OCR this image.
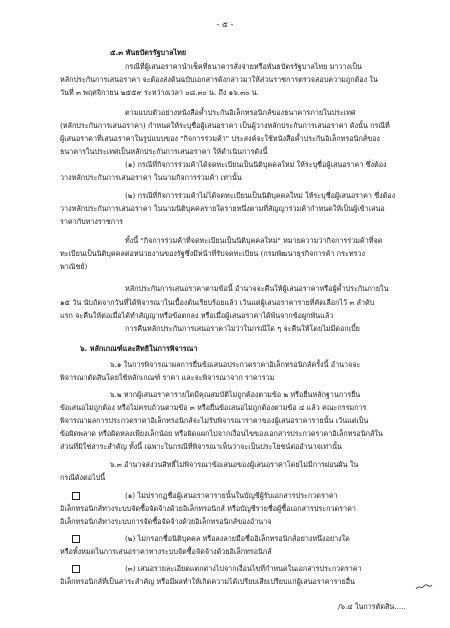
- ๕ -
๕.๓ พันธบัตรรัฐบาลไทย
กรณีที่ผู้เสนอราคานำเช็คที่ธนาคารสั่งจ่ายหรือพันธบัตรรัฐบาลไทย มาวางเป็น
หลักประกันการเสนอราคา จะต้องส่งต้นฉบับเอกสารดังกล่าวมาให้ส่วนราชการตรวจสอบความถูกต้อง ใน
วันที่ ๓ พฤศจิกายน ๒๕๕๙ ระหว่างเวลา ๐๘.๓๐ น. ถึง ๑๖.๓๐ น.
ตามแบบตัวอย่างหนังสือค้ำประกันอิเล็กทรอนิกส์ของธนาคารภายในประเทศ
(หลักประกันการเสนอราคา) กำหนดให้ระบุชื่อผู้เสนอราคา เป็นผู้วางหลักประกันการเสนอราคา ดังนั้น กรณีที่
ผู้เสนอราคาที่เสนอราคาในรูปแบบของ "กิจการร่วมค้า" ประสงค์จะใช้หนังสือค้ำประกันอิเล็กทรอนิกส์ของ
ธนาคารในประเทศเป็นหลักประกันการเสนอราคา ให้ดำเนินการดังนี้
(๑) กรณีที่กิจการร่วมค้าได้จดทะเบียนเป็นนิติบุคคลใหม่ ให้ระบุชื่อผู้เสนอราคา ซึ่งต้อง
วางหลักประกันการเสนอราคา ในนามกิจการร่วมค้า เท่านั้น
(๒) กรณีที่กิจการร่วมค้าไม่ได้จดทะเบียนเป็นนิติบุคคลใหม่ ให้ระบุชื่อผู้เสนอราคา ซึ่งต้อง
วางหลักประกันการเสนอราคา ในนามนิติบุคคลรายใดรายหนึ่งตามที่สัญญาร่วมค้ากำหนดให้เป็นผู้เข้าเสนอ
ราคากับทางราชการ
ทั้งนี้ "กิจการร่วมค้าที่จดทะเบียนเป็นนิติบุคคลใหม่" หมายความว่ากิจการร่วมค้าที่จด
ทะเบียนเป็นนิติบุคคลต่อหน่วยงานของรัฐซึ่งมีหน้าที่รับจดทะเบียน (กรมพัฒนาธุรกิจการค้า กระทรวง
พาณิชย์)
หลักประกันการเสนอราคาตามข้อนี้ อำนาจจะคืนให้ผู้เสนอราคาหรือผู้ค้ำประกันภายใน
๑๕ วัน นับถัดจากวันที่ได้พิจารณาในเบื้องต้นเรียบร้อยแล้ว เว้นแต่ผู้เสนอราคารายที่คัดเลือกไว้ ๓ ลำดับ
แรก จะคืนให้ต่อเมื่อได้ทำสัญญาหรือข้อตกลง หรือเมื่อผู้เสนอราคาได้พ้นจากข้อผูกพันแล้ว
การคืนหลักประกันการเสนอราคาไม่ว่าในกรณีใด ๆ จะคืนให้โดยไม่มีดอกเบี้ย
๖. หลักเกณฑ์และสิทธิในการพิจารณา
๖.๑ ในการพิจารณาผลการยื่นข้อเสนอประกวดราคาอิเล็กทรอนิกส์ครั้งนี้ อำนาจจะ
พิจารณาตัดสินโดยใช้หลักเกณฑ์ ราคา และจะพิจารณาจาก ราคารวม
๖.๒ หากผู้เสนอราคารายใดมีคุณสมบัติไม่ถูกต้องตามข้อ ๒ หรือยื่นหลักฐานการยื่น
ข้อเสนอไม่ถูกต้อง หรือไม่ครบถ้วนตามข้อ ๓ หรือยื่นข้อเสนอไม่ถูกต้องตามข้อ ๔ แล้ว คณะกรรมการ
พิจารณาผลการประกวดราคาอิเล็กทรอนิกส์จะไม่รับพิจารณาราคาของผู้เสนอราคารายนั้น เว้นแต่เป็น
ข้อผิดพลาด หรือผิดหลงเพียงเล็กน้อย หรือผิดแผกไปจากเงื่อนไขของเอกสารประกวดราคาอิเล็กทรอนิกส์ใน
ส่วนที่มิใช่สาระสำคัญ ทั้งนี้ เฉพาะในกรณีที่พิจารณาเห็นว่าจะเป็นประโยชน์ต่ออำนาจเท่านั้น
๖.๓ อำนาจสงวนสิทธิ์ไม่พิจารณาข้อเสนอของผู้เสนอราคาโดยไม่มีการผ่อนผัน ใน
กรณีดังต่อไปนี้
(๑) ไม่ปรากฏชื่อผู้เสนอราคารายนั้นในบัญชีผู้รับเอกสารประกวดราคา
อิเล็กทรอนิกส์ทางระบบจัดซื้อจัดจ้างด้วยอิเล็กทรอนิกส์ หรือบัญชีรายชื่อผู้ซื้อเอกสารประกวดราคา
อิเล็กทรอนิกส์ทางระบบการจัดซื้อจัดจ้างด้วยอิเล็กทรอนิกส์ของอำนาจ
(๒) ไม่กรอกชื่อนิติบุคคล หรือลงลายมือชื่ออิเล็กทรอนิกส์อย่างหนึ่งอย่างใด
หรือทั้งหมดในการเสนอราคาทางระบบจัดซื้อจัดจ้างด้วยอิเล็กทรอนิกส์
(๓) เสนอรายละเอียดแตกต่างไปจากเงื่อนไขที่กำหนดในเอกสารประกวดราคา
อิเล็กทรอนิกส์ที่เป็นสาระสำคัญ หรือมีผลทำให้เกิดความได้เปรียบเสียเปรียบแก่ผู้เสนอราคารายอื่น
/๖.๔ ในการตัดสิน.....
